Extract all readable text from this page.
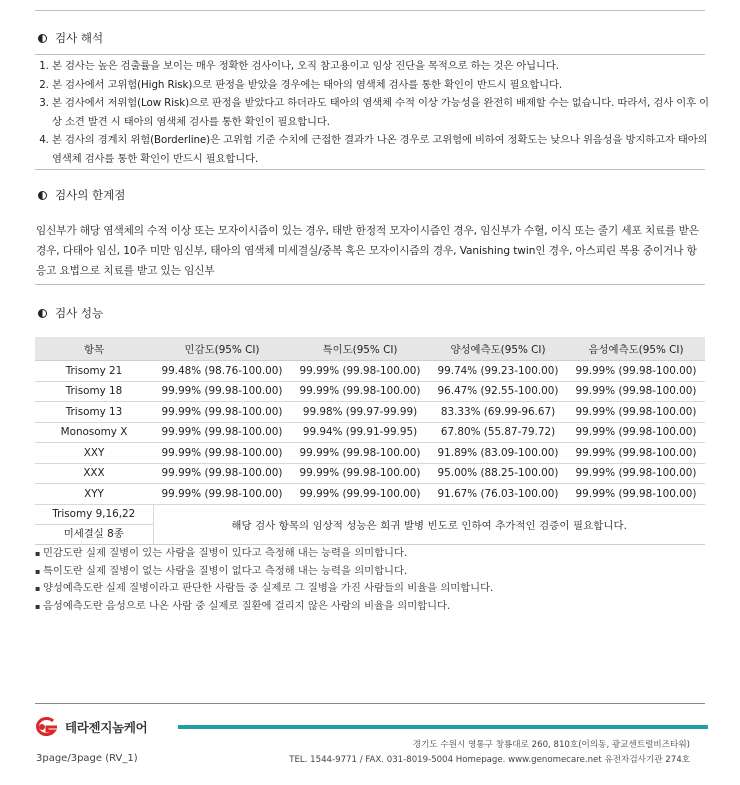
검사 해석
1. 본 검사는 높은 검출률을 보이는 매우 정확한 검사이나, 오직 참고용이고 임상 진단을 목적으로 하는 것은 아닙니다.
2. 본 검사에서 고위험(High Risk)으로 판정을 받았을 경우에는 태아의 염색체 검사를 통한 확인이 반드시 필요합니다.
3. 본 검사에서 저위험(Low Risk)으로 판정을 받았다고 하더라도 태아의 염색체 수적 이상 가능성을 완전히 배제할 수는 없습니다. 따라서, 검사 이후 이상 소견 발견 시 태아의 염색체 검사를 통한 확인이 필요합니다.
4. 본 검사의 경계치 위험(Borderline)은 고위험 기준 수치에 근접한 결과가 나온 경우로 고위험에 비하여 정확도는 낮으나 위음성을 방지하고자 태아의 염색체 검사를 통한 확인이 반드시 필요합니다.
검사의 한계점
임신부가 해당 염색체의 수적 이상 또는 모자이시즘이 있는 경우, 태반 한정적 모자이시즘인 경우, 임신부가 수혈, 이식 또는 줄기 세포 치료를 받은 경우, 다태아 임신, 10주 미만 임신부, 태아의 염색체 미세결실/중복 혹은 모자이시즘의 경우, Vanishing twin인 경우, 아스피린 복용 중이거나 항 응고 요법으로 치료를 받고 있는 임신부
검사 성능
항목	민감도(95% CI)	특이도(95% CI)	양성예측도(95% CI)	음성예측도(95% CI)
Trisomy 21	99.48% (98.76-100.00)	99.99% (99.98-100.00)	99.74% (99.23-100.00)	99.99% (99.98-100.00)
Trisomy 18	99.99% (99.98-100.00)	99.99% (99.98-100.00)	96.47% (92.55-100.00)	99.99% (99.98-100.00)
Trisomy 13	99.99% (99.98-100.00)	99.98% (99.97-99.99)	83.33% (69.99-96.67)	99.99% (99.98-100.00)
Monosomy X	99.99% (99.98-100.00)	99.94% (99.91-99.95)	67.80% (55.87-79.72)	99.99% (99.98-100.00)
XXY	99.99% (99.98-100.00)	99.99% (99.98-100.00)	91.89% (83.09-100.00)	99.99% (99.98-100.00)
XXX	99.99% (99.98-100.00)	99.99% (99.98-100.00)	95.00% (88.25-100.00)	99.99% (99.98-100.00)
XYY	99.99% (99.98-100.00)	99.99% (99.99-100.00)	91.67% (76.03-100.00)	99.99% (99.98-100.00)

Trisomy 9,16,22
미세결실 8종	해당 검사 항목의 임상적 성능은 희귀 발병 빈도로 인하여 추가적인 검증이 필요합니다.			
▪ 민감도란 실제 질병이 있는 사람을 질병이 있다고 측정해 내는 능력을 의미합니다.
▪ 특이도란 실제 질병이 없는 사람을 질병이 없다고 측정해 내는 능력을 의미합니다.
▪ 양성예측도란 실제 질병이라고 판단한 사람들 중 실제로 그 질병을 가진 사람들의 비율을 의미합니다.
▪ 음성예측도란 음성으로 나온 사람 중 실제로 질환에 걸리지 않은 사람의 비율을 의미합니다.
테라젠지놈케어
3page/3page (RV_1)
경기도 수원시 영통구 창룡대로 260, 810호(이의동, 광교센트럴비즈타워)
TEL. 1544-9771 / FAX. 031-8019-5004 Homepage. www.genomecare.net 유전자검사기관 274호
